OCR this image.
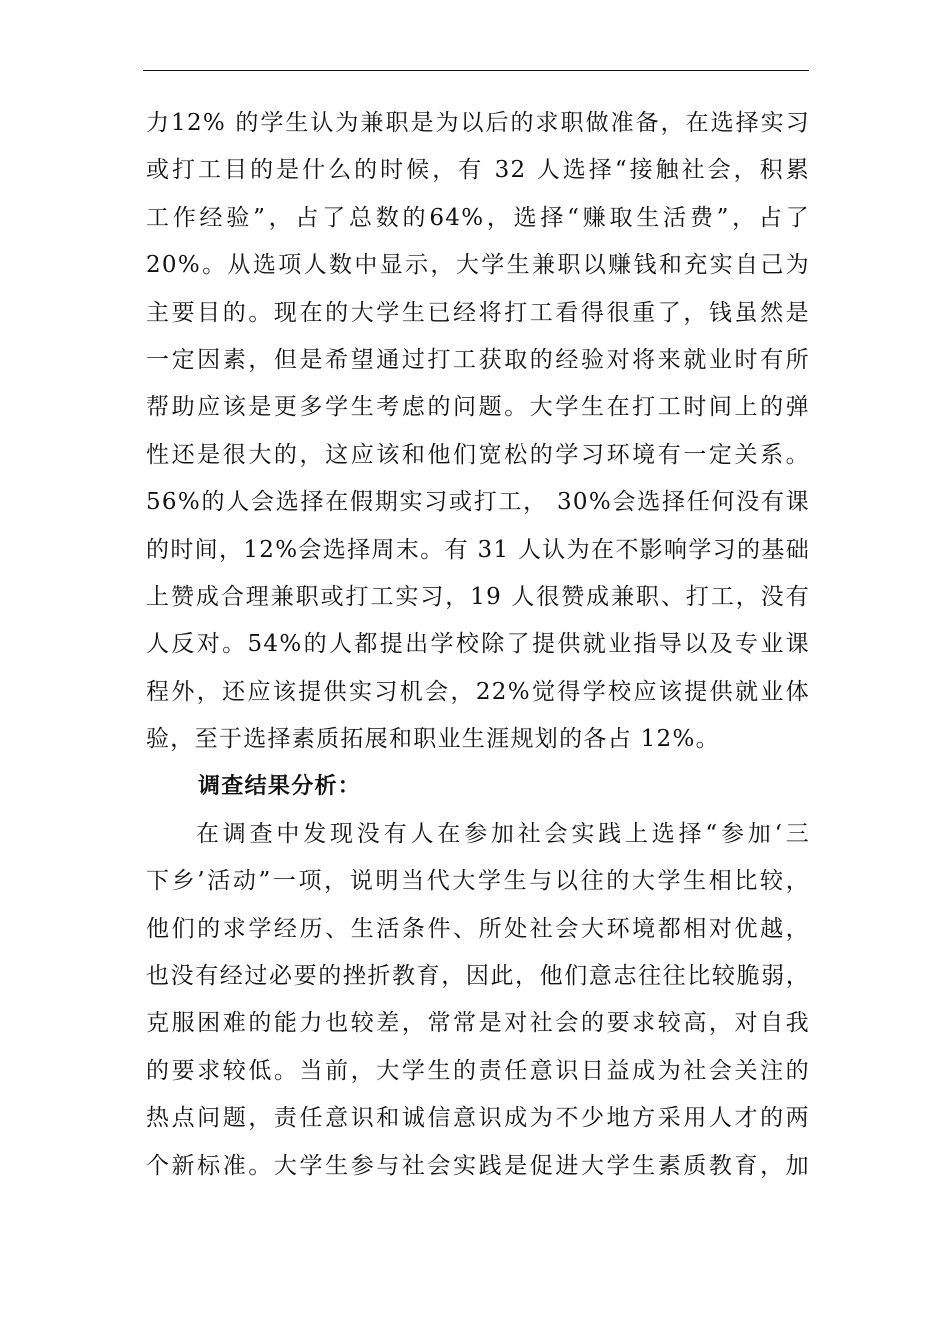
力12% 的学生认为兼职是为以后的求职做准备，在选择实习
或打工目的是什么的时候，有 32 人选择“接触社会，积累
工作经验”，占了总数的64%，选择“赚取生活费”，占了
20%。从选项人数中显示，大学生兼职以赚钱和充实自己为
主要目的。现在的大学生已经将打工看得很重了，钱虽然是
一定因素，但是希望通过打工获取的经验对将来就业时有所
帮助应该是更多学生考虑的问题。大学生在打工时间上的弹
性还是很大的，这应该和他们宽松的学习环境有一定关系。
56%的人会选择在假期实习或打工， 30%会选择任何没有课
的时间，12%会选择周末。有 31 人认为在不影响学习的基础
上赞成合理兼职或打工实习，19 人很赞成兼职、打工，没有
人反对。54%的人都提出学校除了提供就业指导以及专业课
程外，还应该提供实习机会，22%觉得学校应该提供就业体
验，至于选择素质拓展和职业生涯规划的各占 12%。
调查结果分析：
在调查中发现没有人在参加社会实践上选择“参加‘三
下乡’活动”一项，说明当代大学生与以往的大学生相比较，
他们的求学经历、生活条件、所处社会大环境都相对优越，
也没有经过必要的挫折教育，因此，他们意志往往比较脆弱，
克服困难的能力也较差，常常是对社会的要求较高，对自我
的要求较低。当前，大学生的责任意识日益成为社会关注的
热点问题，责任意识和诚信意识成为不少地方采用人才的两
个新标准。大学生参与社会实践是促进大学生素质教育，加
